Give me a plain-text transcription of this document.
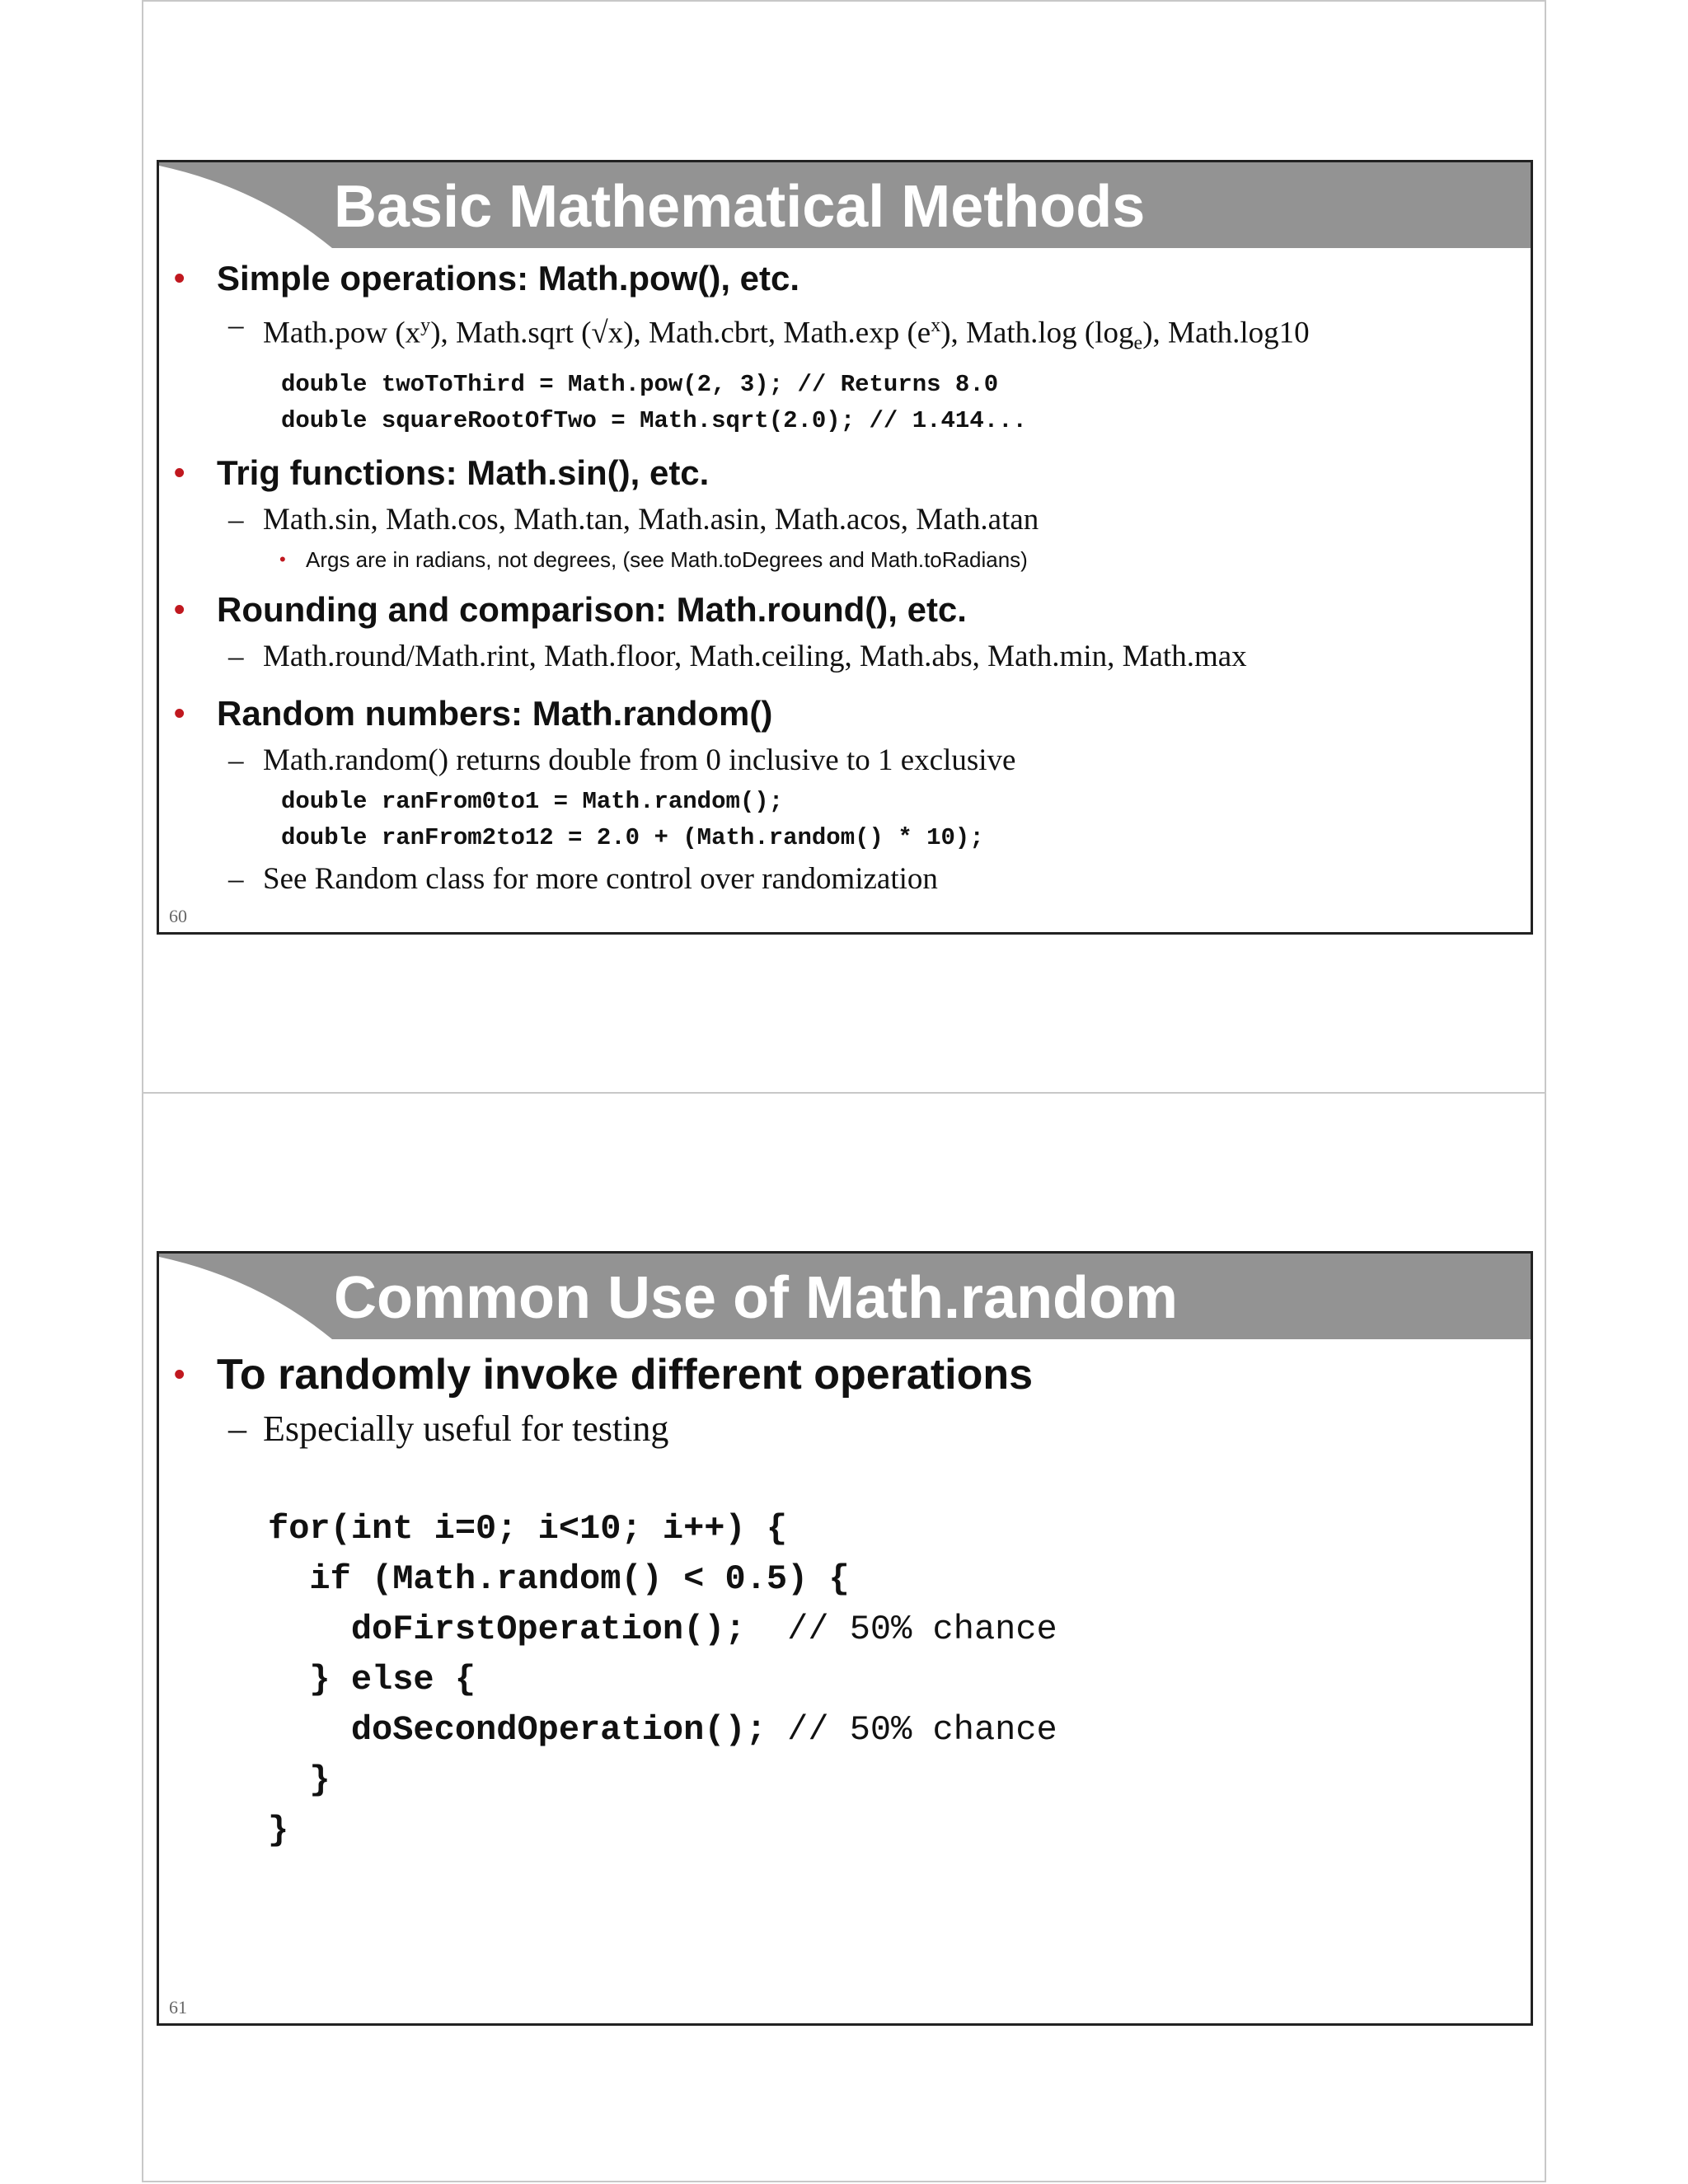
Basic Mathematical Methods
• Simple operations: Math.pow(), etc.
– Math.pow $(x^y)$, Math.sqrt (√x), Math.cbrt, Math.exp $(e^x)$, Math.log $(\log_e)$, Math.log10
double twoToThird = Math.pow(2, 3); // Returns 8.0
double squareRootOfTwo = Math.sqrt(2.0); // 1.414...
• Trig functions: Math.sin(), etc.
– Math.sin, Math.cos, Math.tan, Math.asin, Math.acos, Math.atan
• Args are in radians, not degrees, (see Math.toDegrees and Math.toRadians)
• Rounding and comparison: Math.round(), etc.
– Math.round/Math.rint, Math.floor, Math.ceiling, Math.abs, Math.min, Math.max
• Random numbers: Math.random()
– Math.random() returns double from 0 inclusive to 1 exclusive
double ranFrom0to1 = Math.random();
double ranFrom2to12 = 2.0 + (Math.random() * 10);
– See Random class for more control over randomization
60
Common Use of Math.random
• To randomly invoke different operations
– Especially useful for testing
for(int i=0; i<10; i++) {
if (Math.random() < 0.5) {
doFirstOperation();  // 50% chance
} else {
doSecondOperation(); // 50% chance
}
}
61
